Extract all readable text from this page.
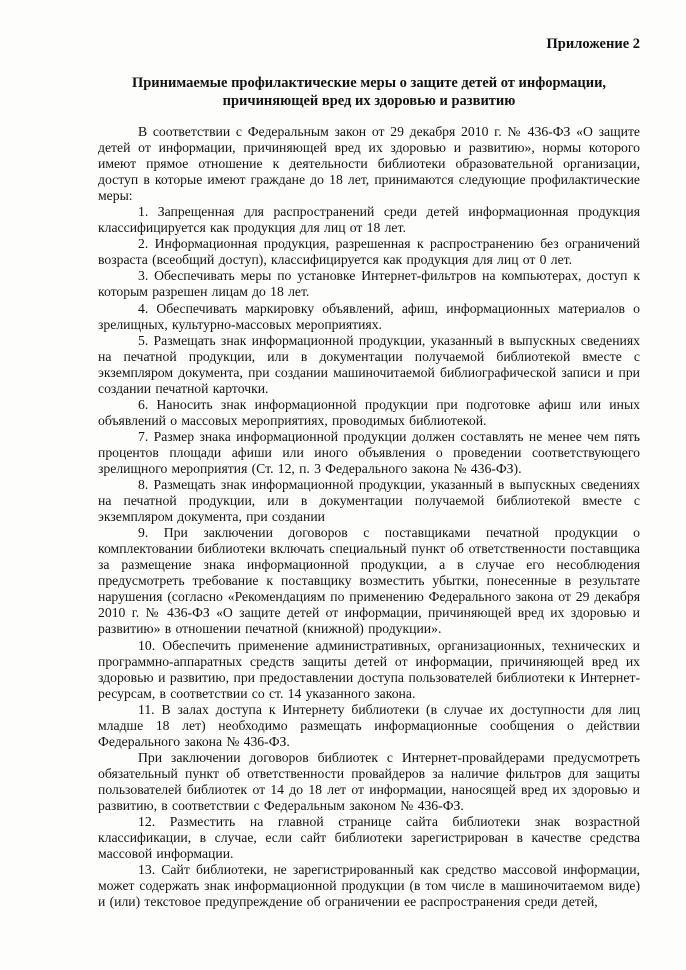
Приложение 2
Принимаемые профилактические меры о защите детей от информации,
причиняющей вред их здоровью и развитию

В соответствии с Федеральным закон от 29 декабря 2010 г. № 436-ФЗ «О защите детей от информации, причиняющей вред их здоровью и развитию», нормы которого имеют прямое отношение к деятельности библиотеки образовательной организации, доступ в которые имеют граждане до 18 лет, принимаются следующие профилактические меры:

1. Запрещенная для распространений среди детей информационная продукция классифицируется как продукция для лиц от 18 лет.

2. Информационная продукция, разрешенная к распространению без ограничений возраста (всеобщий доступ), классифицируется как продукция для лиц от 0 лет.

3. Обеспечивать меры по установке Интернет-фильтров на компьютерах, доступ к которым разрешен лицам до 18 лет.

4. Обеспечивать маркировку объявлений, афиш, информационных материалов о зрелищных, культурно-массовых мероприятиях.

5. Размещать знак информационной продукции, указанный в выпускных сведениях на печатной продукции, или в документации получаемой библиотекой вместе с экземпляром документа, при создании машиночитаемой библиографической записи и при создании печатной карточки.

6. Наносить знак информационной продукции при подготовке афиш или иных объявлений о массовых мероприятиях, проводимых библиотекой.

7. Размер знака информационной продукции должен составлять не менее чем пять процентов площади афиши или иного объявления о проведении соответствующего зрелищного мероприятия (Ст. 12, п. 3 Федерального закона № 436-ФЗ).

8. Размещать знак информационной продукции, указанный в выпускных сведениях на печатной продукции, или в документации получаемой библиотекой вместе с экземпляром документа, при создании

9. При заключении договоров с поставщиками печатной продукции о комплектовании библиотеки включать специальный пункт об ответственности поставщика за размещение знака информационной продукции, а в случае его несоблюдения предусмотреть требование к поставщику возместить убытки, понесенные в результате нарушения (согласно «Рекомендациям по применению Федерального закона от 29 декабря 2010 г. № 436-ФЗ «О защите детей от информации, причиняющей вред их здоровью и развитию» в отношении печатной (книжной) продукции».

10. Обеспечить применение административных, организационных, технических и программно-аппаратных средств защиты детей от информации, причиняющей вред их здоровью и развитию, при предоставлении доступа пользователей библиотеки к Интернет-ресурсам, в соответствии со ст. 14 указанного закона.

11. В залах доступа к Интернету библиотеки (в случае их доступности для лиц младше 18 лет) необходимо размещать информационные сообщения о действии Федерального закона № 436-ФЗ.

При заключении договоров библиотек с Интернет-провайдерами предусмотреть обязательный пункт об ответственности провайдеров за наличие фильтров для защиты пользователей библиотек от 14 до 18 лет от информации, наносящей вред их здоровью и развитию, в соответствии с Федеральным законом № 436-ФЗ.

12. Разместить на главной странице сайта библиотеки знак возрастной классификации, в случае, если сайт библиотеки зарегистрирован в качестве средства массовой информации.

13. Сайт библиотеки, не зарегистрированный как средство массовой информации, может содержать знак информационной продукции (в том числе в машиночитаемом виде) и (или) текстовое предупреждение об ограничении ее распространения среди детей,
